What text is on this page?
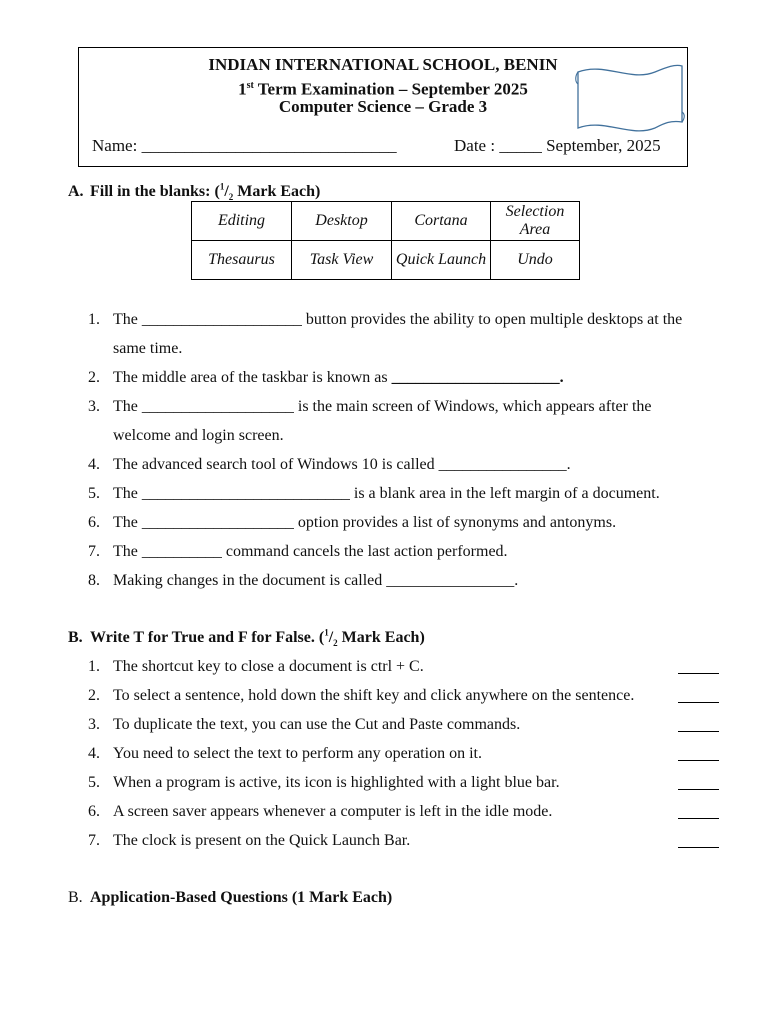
INDIAN INTERNATIONAL SCHOOL, BENIN
1st Term Examination – September 2025
Computer Science – Grade 3
Name: ______________________________	Date : _____ September, 2025
A. Fill in the blanks: ($^1/_2$ Mark Each)
Editing	Desktop	Cortana	Selection Area
Thesaurus	Task View	Quick Launch	Undo
1. The ____________________ button provides the ability to open multiple desktops at the
same time.
2. The middle area of the taskbar is known as _____________________.
3. The ___________________ is the main screen of Windows, which appears after the
welcome and login screen.
4. The advanced search tool of Windows 10 is called ________________.
5. The __________________________ is a blank area in the left margin of a document.
6. The ___________________ option provides a list of synonyms and antonyms.
7. The __________ command cancels the last action performed.
8. Making changes in the document is called ________________.
B. Write T for True and F for False. ($^1/_2$ Mark Each)
1. The shortcut key to close a document is ctrl + C.
2. To select a sentence, hold down the shift key and click anywhere on the sentence.
3. To duplicate the text, you can use the Cut and Paste commands.
4. You need to select the text to perform any operation on it.
5. When a program is active, its icon is highlighted with a light blue bar.
6. A screen saver appears whenever a computer is left in the idle mode.
7. The clock is present on the Quick Launch Bar.
B. Application-Based Questions (1 Mark Each)
